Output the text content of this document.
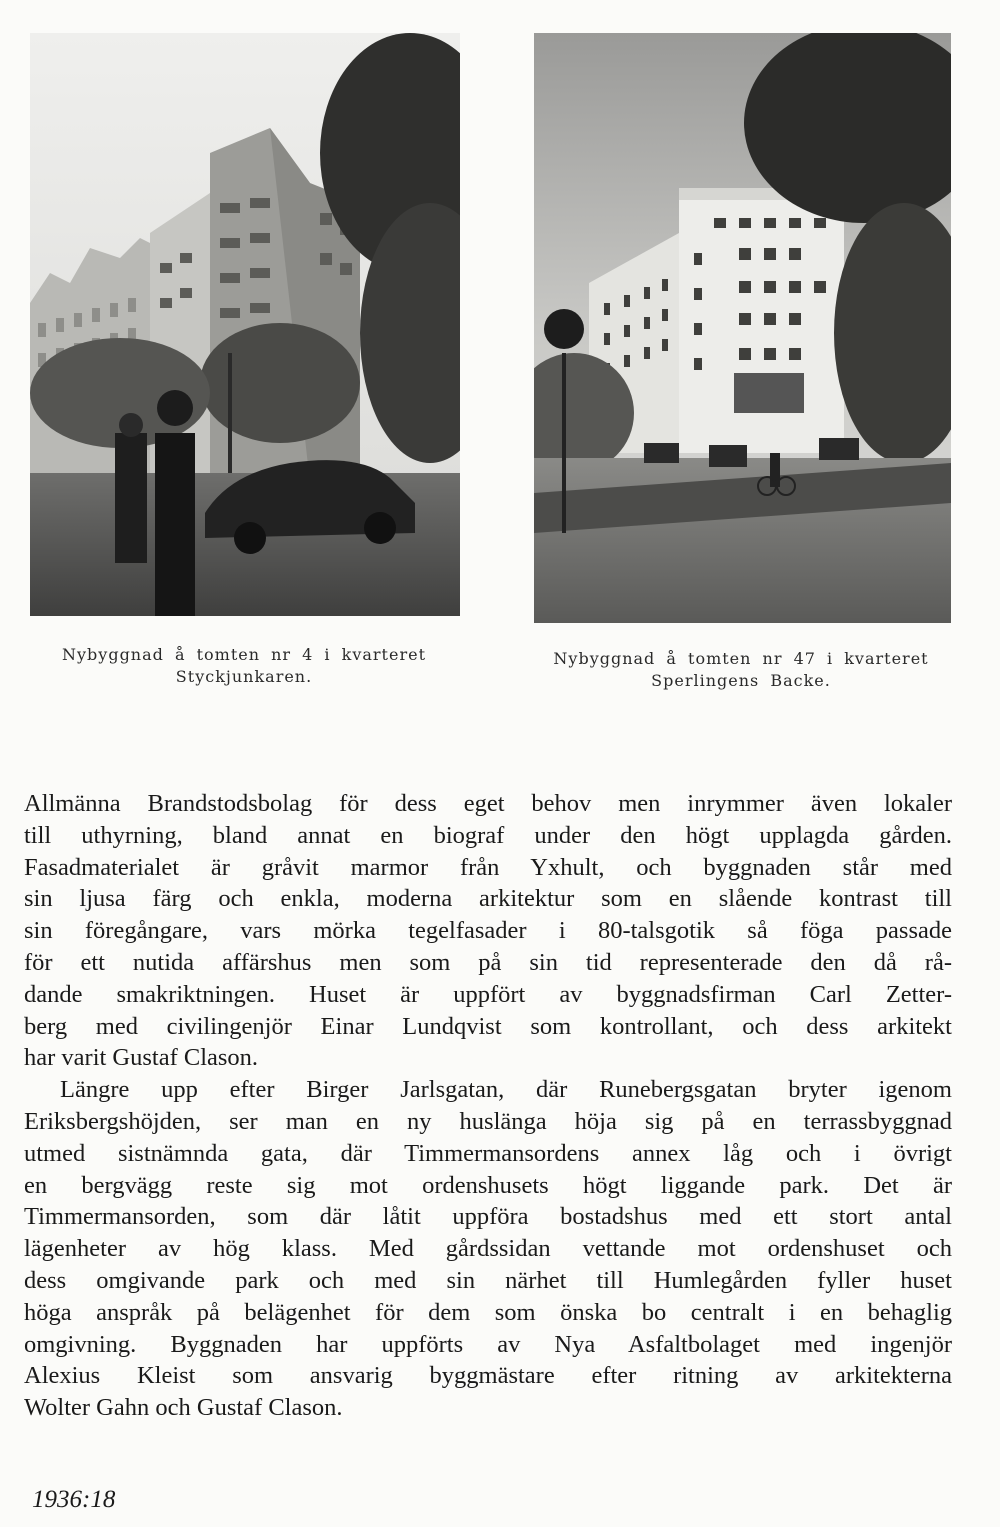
Nybyggnad å tomten nr 4 i kvarteret
Styckjunkaren.
Nybyggnad å tomten nr 47 i kvarteret
Sperlingens Backe.
Allmänna Brandstodsbolag för dess eget behov men inrymmer även lokaler
till uthyrning, bland annat en biograf under den högt upplagda gården.
Fasadmaterialet är gråvit marmor från Yxhult, och byggnaden står med
sin ljusa färg och enkla, moderna arkitektur som en slående kontrast till
sin föregångare, vars mörka tegelfasader i 80-talsgotik så föga passade
för ett nutida affärshus men som på sin tid representerade den då rå-
dande smakriktningen. Huset är uppfört av byggnadsfirman Carl Zetter-
berg med civilingenjör Einar Lundqvist som kontrollant, och dess arkitekt
har varit Gustaf Clason.
Längre upp efter Birger Jarlsgatan, där Runebergsgatan bryter igenom
Eriksbergshöjden, ser man en ny huslänga höja sig på en terrassbyggnad
utmed sistnämnda gata, där Timmermansordens annex låg och i övrigt
en bergvägg reste sig mot ordenshusets högt liggande park. Det är
Timmermansorden, som där låtit uppföra bostadshus med ett stort antal
lägenheter av hög klass. Med gårdssidan vettande mot ordenshuset och
dess omgivande park och med sin närhet till Humlegården fyller huset
höga anspråk på belägenhet för dem som önska bo centralt i en behaglig
omgivning. Byggnaden har uppförts av Nya Asfaltbolaget med ingenjör
Alexius Kleist som ansvarig byggmästare efter ritning av arkitekterna
Wolter Gahn och Gustaf Clason.
1936:18
